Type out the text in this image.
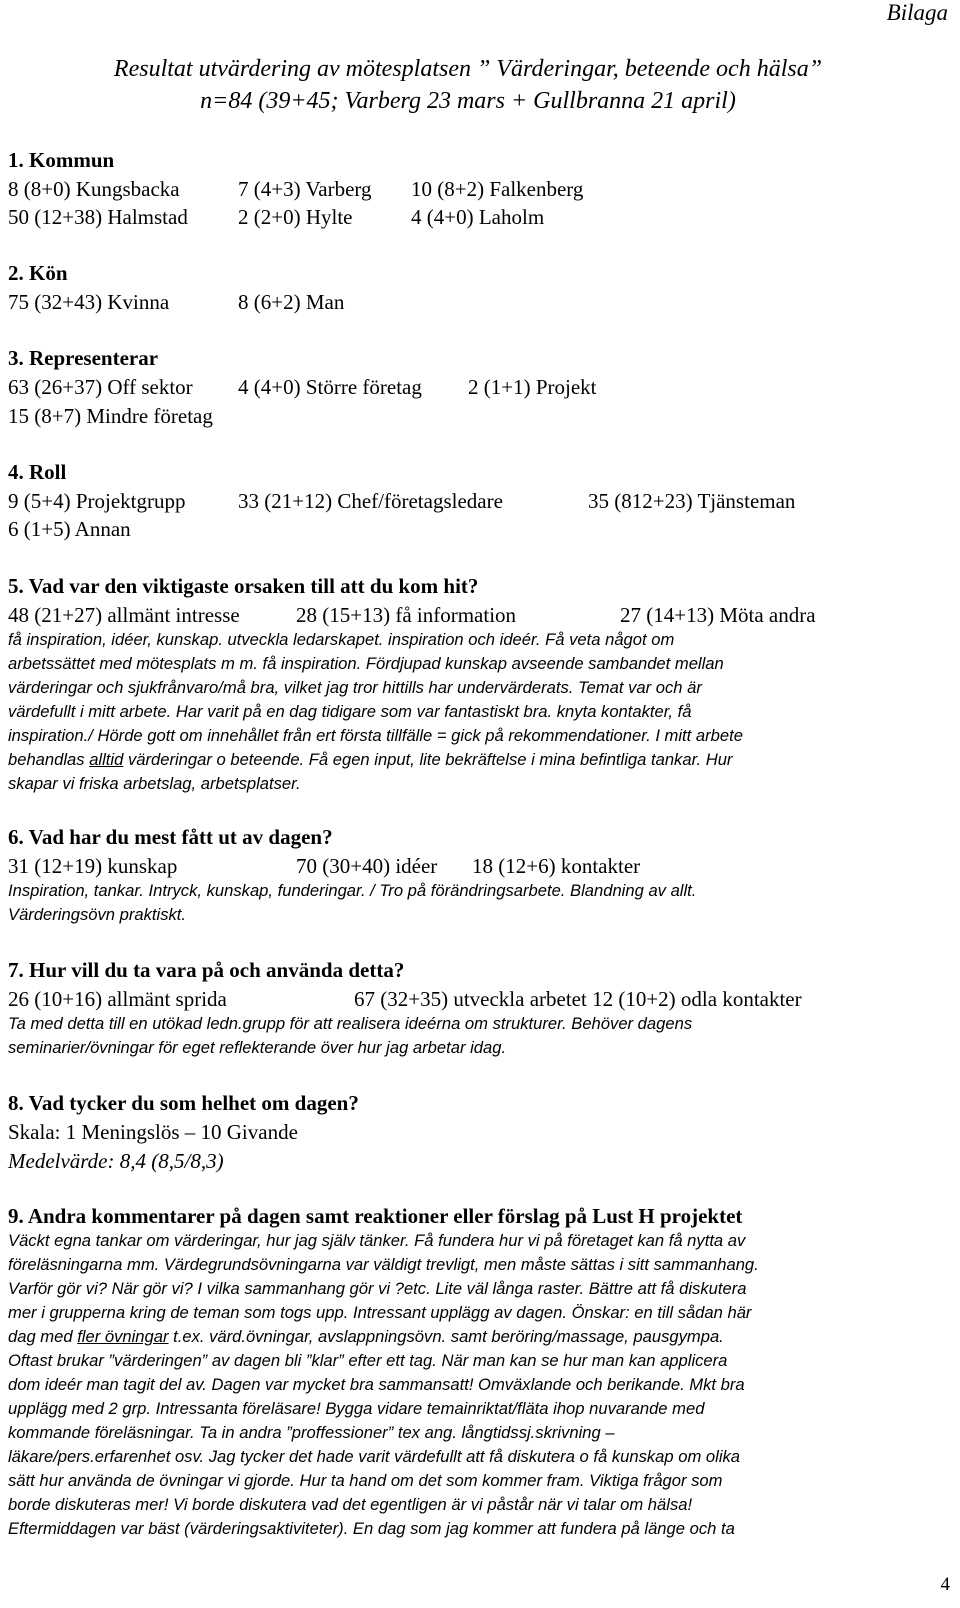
Bilaga
Resultat utvärdering av mötesplatsen ” Värderingar, beteende och hälsa”
n=84 (39+45; Varberg 23 mars + Gullbranna 21 april)
1. Kommun
8 (8+0) Kungsbacka	7 (4+3) Varberg 10 (8+2) Falkenberg
50 (12+38) Halmstad 2 (2+0) Hylte	4 (4+0) Laholm
2. Kön
75 (32+43) Kvinna	8 (6+2) Man
3. Representerar
63 (26+37) Off sektor 4 (4+0) Större företag 2 (1+1) Projekt
15 (8+7) Mindre företag
4. Roll
9 (5+4) Projektgrupp	33 (21+12) Chef/företagsledare	35 (812+23) Tjänsteman
6 (1+5) Annan
5. Vad var den viktigaste orsaken till att du kom hit?
48 (21+27) allmänt intresse	28 (15+13) få information	27 (14+13) Möta andra
få inspiration, idéer, kunskap. utveckla ledarskapet. inspiration och ideér. Få veta något om
arbetssättet med mötesplats m m. få inspiration. Fördjupad kunskap avseende sambandet mellan
värderingar och sjukfrånvaro/må bra, vilket jag tror hittills har undervärderats. Temat var och är
värdefullt i mitt arbete. Har varit på en dag tidigare som var fantastiskt bra. knyta kontakter, få
inspiration./ Hörde gott om innehållet från ert första tillfälle = gick på rekommendationer. I mitt arbete
behandlas alltid värderingar o beteende. Få egen input, lite bekräftelse i mina befintliga tankar. Hur
skapar vi friska arbetslag, arbetsplatser.
6. Vad har du mest fått ut av dagen?
31 (12+19) kunskap	70 (30+40) idéer 18 (12+6) kontakter
Inspiration, tankar. Intryck, kunskap, funderingar. / Tro på förändringsarbete. Blandning av allt.
Värderingsövn praktiskt.
7. Hur vill du ta vara på och använda detta?
26 (10+16) allmänt sprida	67 (32+35) utveckla arbetet 12 (10+2) odla kontakter
Ta med detta till en utökad ledn.grupp för att realisera ideérna om strukturer. Behöver dagens
seminarier/övningar för eget reflekterande över hur jag arbetar idag.
8. Vad tycker du som helhet om dagen?
Skala: 1 Meningslös – 10 Givande
Medelvärde: 8,4 (8,5/8,3)
9. Andra kommentarer på dagen samt reaktioner eller förslag på Lust H projektet
Väckt egna tankar om värderingar, hur jag själv tänker. Få fundera hur vi på företaget kan få nytta av
föreläsningarna mm. Värdegrundsövningarna var väldigt trevligt, men måste sättas i sitt sammanhang.
Varför gör vi? När gör vi? I vilka sammanhang gör vi ?etc. Lite väl långa raster. Bättre att få diskutera
mer i grupperna kring de teman som togs upp. Intressant upplägg av dagen. Önskar: en till sådan här
dag med fler övningar t.ex. värd.övningar, avslappningsövn. samt beröring/massage, pausgympa.
Oftast brukar ”värderingen” av dagen bli ”klar” efter ett tag. När man kan se hur man kan applicera
dom ideér man tagit del av. Dagen var mycket bra sammansatt! Omväxlande och berikande. Mkt bra
upplägg med 2 grp. Intressanta föreläsare! Bygga vidare temainriktat/fläta ihop nuvarande med
kommande föreläsningar. Ta in andra ”proffessioner” tex ang. långtidssj.skrivning –
läkare/pers.erfarenhet osv. Jag tycker det hade varit värdefullt att få diskutera o få kunskap om olika
sätt hur använda de övningar vi gjorde. Hur ta hand om det som kommer fram. Viktiga frågor som
borde diskuteras mer! Vi borde diskutera vad det egentligen är vi påstår när vi talar om hälsa!
Eftermiddagen var bäst (värderingsaktiviteter). En dag som jag kommer att fundera på länge och ta
4
